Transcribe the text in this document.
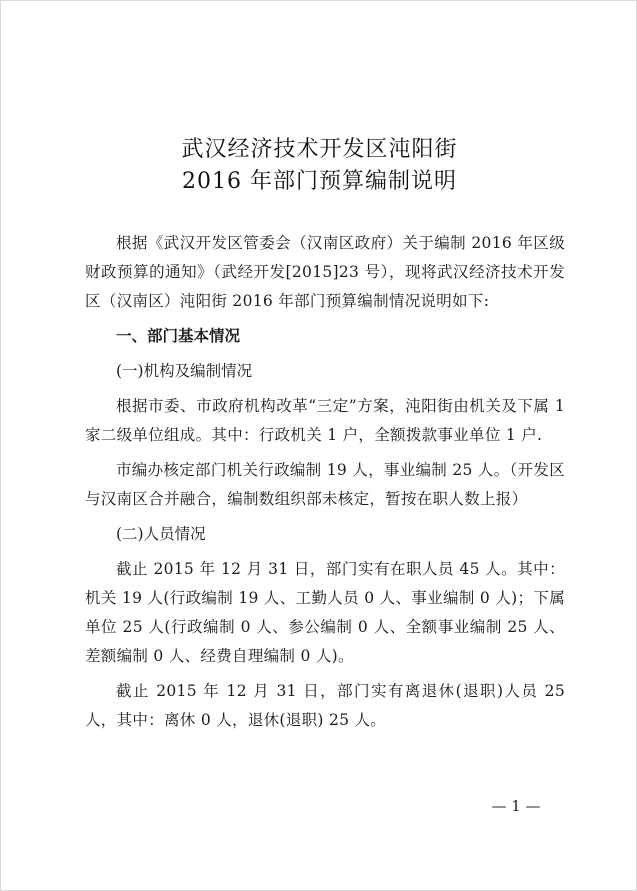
武汉经济技术开发区沌阳街
2016 年部门预算编制说明

根据《武汉开发区管委会（汉南区政府）关于编制 2016 年区级财政预算的通知》（武经开发[2015]23 号），现将武汉经济技术开发区（汉南区）沌阳街 2016 年部门预算编制情况说明如下:

一、部门基本情况

(一)机构及编制情况

根据市委、市政府机构改革“三定”方案，沌阳街由机关及下属 1 家二级单位组成。其中：行政机关 1 户，全额拨款事业单位 1 户.

市编办核定部门机关行政编制 19 人，事业编制 25 人。（开发区与汉南区合并融合，编制数组织部未核定，暂按在职人数上报）

(二)人员情况

截止 2015 年 12 月 31 日，部门实有在职人员 45 人。其中：机关 19 人(行政编制 19 人、工勤人员 0 人、事业编制 0 人)；下属单位 25 人(行政编制 0 人、参公编制 0 人、全额事业编制 25 人、差额编制 0 人、经费自理编制 0 人)。

截止 2015 年 12 月 31 日，部门实有离退休(退职)人员 25 人，其中：离休 0 人，退休(退职) 25 人。

— 1 —
